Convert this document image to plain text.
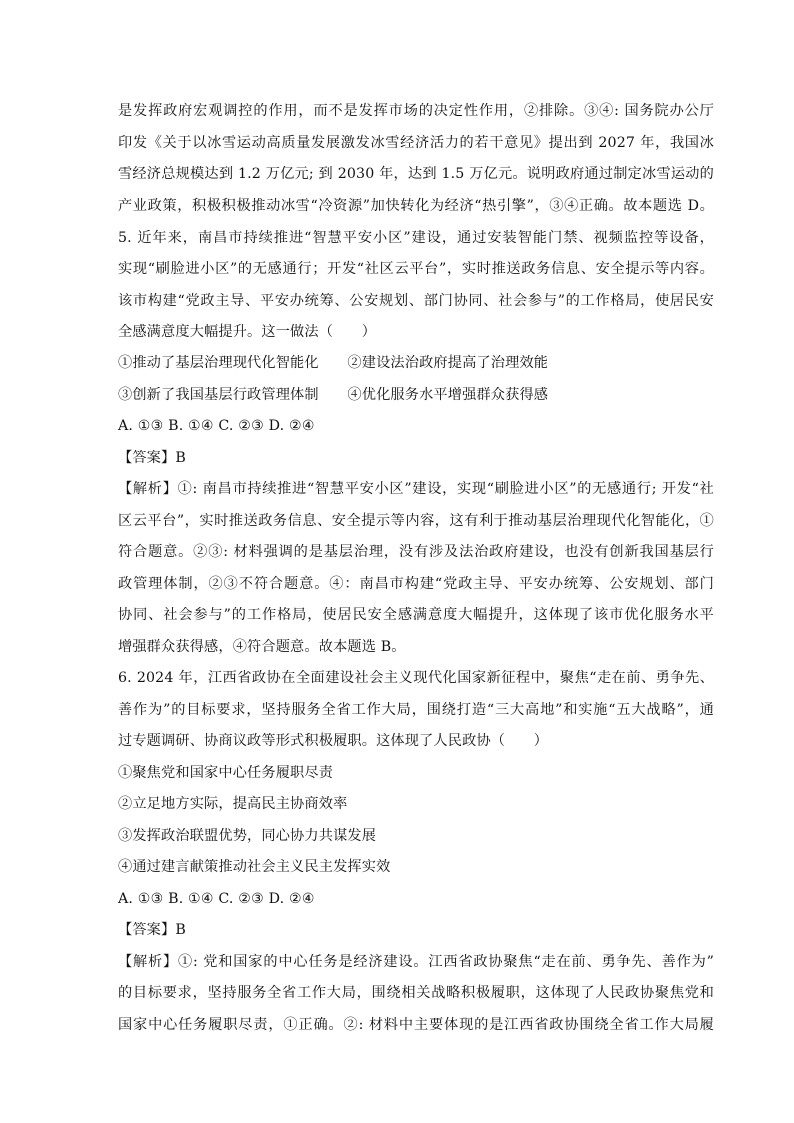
是发挥政府宏观调控的作用，而不是发挥市场的决定性作用，②排除。③④: 国务院办公厅
印发《关于以冰雪运动高质量发展激发冰雪经济活力的若干意见》提出到 2027 年，我国冰
雪经济总规模达到 1.2 万亿元; 到 2030 年，达到 1.5 万亿元。说明政府通过制定冰雪运动的
产业政策，积极积极推动冰雪“冷资源”加快转化为经济“热引擎”，③④正确。故本题选 D。
5. 近年来，南昌市持续推进“智慧平安小区”建设，通过安装智能门禁、视频监控等设备，
实现“刷脸进小区”的无感通行；开发“社区云平台”，实时推送政务信息、安全提示等内容。
该市构建“党政主导、平安办统筹、公安规划、部门协同、社会参与”的工作格局，使居民安
全感满意度大幅提升。这一做法（　　）
①推动了基层治理现代化智能化　　②建设法治政府提高了治理效能
③创新了我国基层行政管理体制　　④优化服务水平增强群众获得感
A. ①③ B. ①④ C. ②③ D. ②④
【答案】B
【解析】①: 南昌市持续推进“智慧平安小区”建设，实现“刷脸进小区”的无感通行; 开发“社
区云平台”，实时推送政务信息、安全提示等内容，这有利于推动基层治理现代化智能化，①
符合题意。②③: 材料强调的是基层治理，没有涉及法治政府建设，也没有创新我国基层行
政管理体制，②③不符合题意。④：南昌市构建“党政主导、平安办统筹、公安规划、部门
协同、社会参与”的工作格局，使居民安全感满意度大幅提升，这体现了该市优化服务水平
增强群众获得感，④符合题意。故本题选 B。
6. 2024 年，江西省政协在全面建设社会主义现代化国家新征程中，聚焦“走在前、勇争先、
善作为”的目标要求，坚持服务全省工作大局，围绕打造“三大高地”和实施“五大战略”，通
过专题调研、协商议政等形式积极履职。这体现了人民政协（　　）
①聚焦党和国家中心任务履职尽责
②立足地方实际，提高民主协商效率
③发挥政治联盟优势，同心协力共谋发展
④通过建言献策推动社会主义民主发挥实效
A. ①③ B. ①④ C. ②③ D. ②④
【答案】B
【解析】①: 党和国家的中心任务是经济建设。江西省政协聚焦“走在前、勇争先、善作为”
的目标要求，坚持服务全省工作大局，围绕相关战略积极履职，这体现了人民政协聚焦党和
国家中心任务履职尽责，①正确。②: 材料中主要体现的是江西省政协围绕全省工作大局履
